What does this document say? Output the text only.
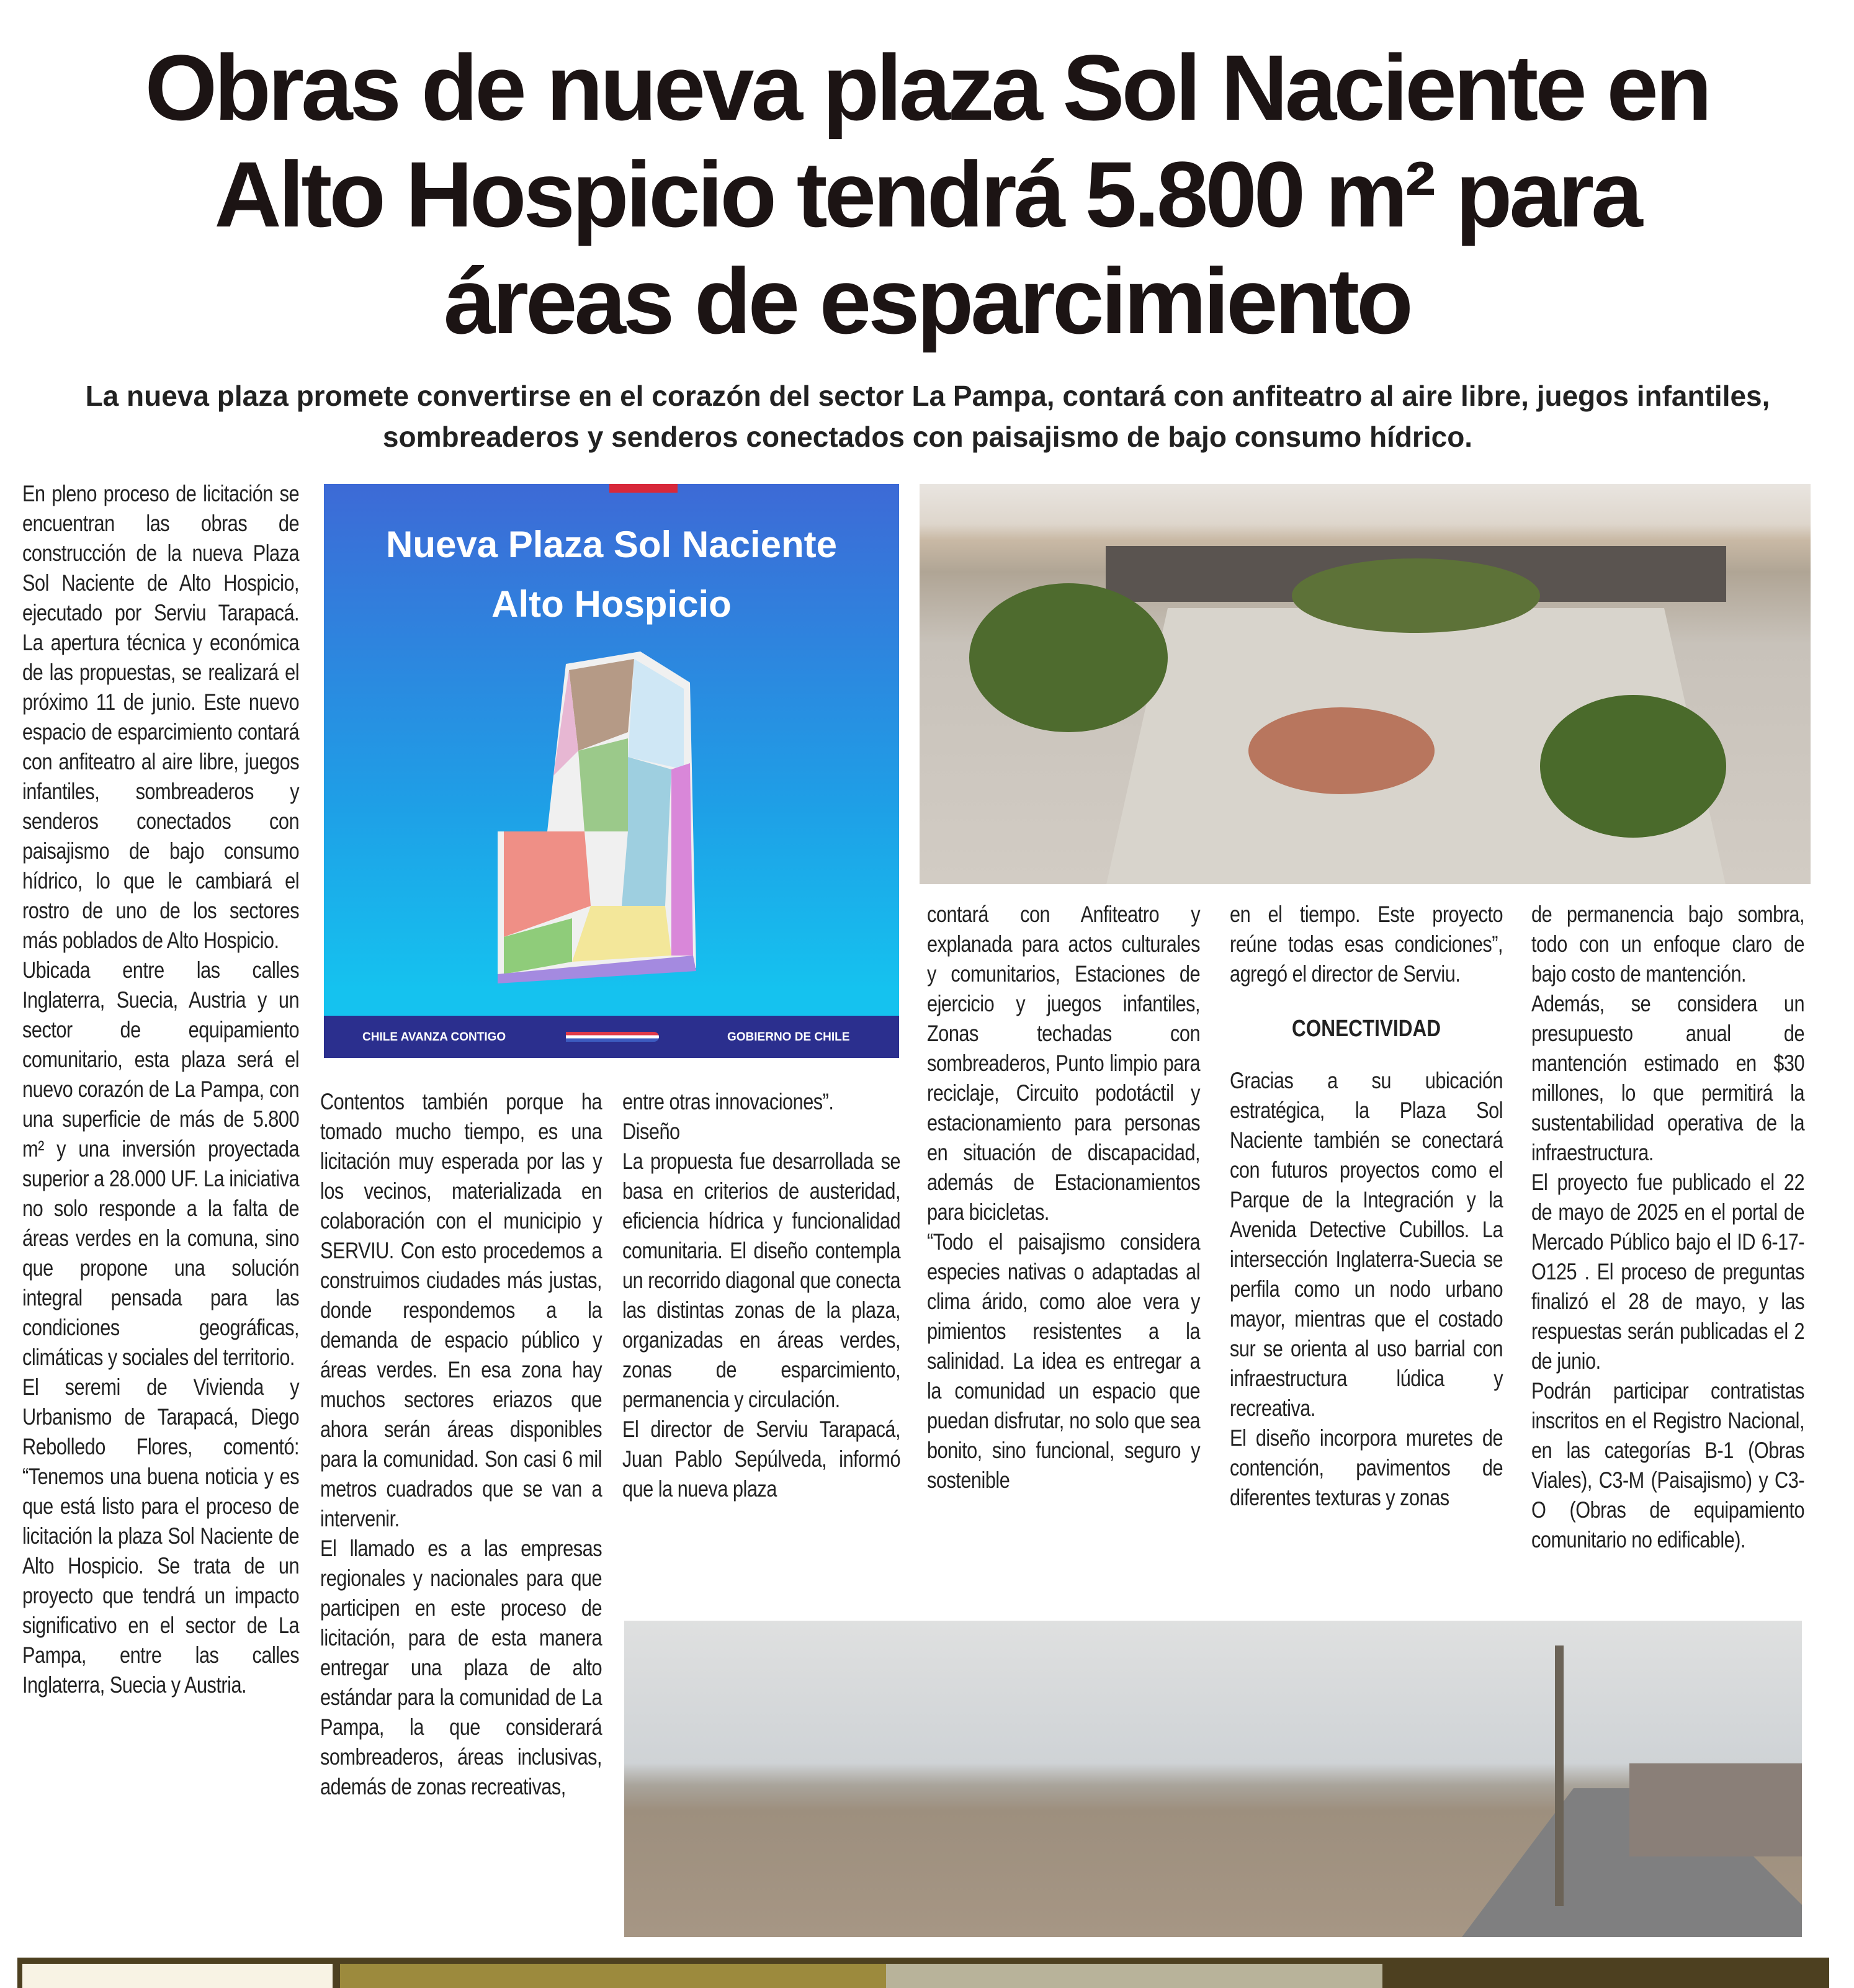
Obras de nueva plaza Sol Naciente en
Alto Hospicio tendrá 5.800 m² para
áreas de esparcimiento
La nueva plaza promete convertirse en el corazón del sector La Pampa, contará con anfiteatro al aire libre, juegos infantiles, sombreaderos y senderos conectados con paisajismo de bajo consumo hídrico.

En pleno proceso de licitación se encuentran las obras de construcción de la nueva Plaza Sol Naciente de Alto Hospicio, ejecutado por Serviu Tarapacá. La apertura técnica y económica de las propuestas, se realizará el próximo 11 de junio. Este nuevo espacio de esparcimiento contará con anfiteatro al aire libre, juegos infantiles, sombreaderos y senderos conectados con paisajismo de bajo consumo hídrico, lo que le cambiará el rostro de uno de los sectores más poblados de Alto Hospicio.

Ubicada entre las calles Inglaterra, Suecia, Austria y un sector de equipamiento comunitario, esta plaza será el nuevo corazón de La Pampa, con una superficie de más de 5.800 m² y una inversión proyectada superior a 28.000 UF. La iniciativa no solo responde a la falta de áreas verdes en la comuna, sino que propone una solución integral pensada para las condiciones geográficas, climáticas y sociales del territorio.

El seremi de Vivienda y Urbanismo de Tarapacá, Diego Rebolledo Flores, comentó: “Tenemos una buena noticia y es que está listo para el proceso de licitación la plaza Sol Naciente de Alto Hospicio. Se trata de un proyecto que tendrá un impacto significativo en el sector de La Pampa, entre las calles Inglaterra, Suecia y Austria.

Nueva Plaza Sol Naciente
Alto Hospicio
CHILE AVANZA CONTIGO	GOBIERNO DE CHILE

Contentos también porque ha tomado mucho tiempo, es una licitación muy esperada por las y los vecinos, materializada en colaboración con el municipio y SERVIU. Con esto procedemos a construimos ciudades más justas, donde respondemos a la demanda de espacio público y áreas verdes. En esa zona hay muchos sectores eriazos que ahora serán áreas disponibles para la comunidad. Son casi 6 mil metros cuadrados que se van a intervenir.

El llamado es a las empresas regionales y nacionales para que participen en este proceso de licitación, para de esta manera entregar una plaza de alto estándar para la comunidad de La Pampa, la que considerará sombreaderos, áreas inclusivas, además de zonas recreativas,

entre otras innovaciones”.

Diseño

La propuesta fue desarrollada se basa en criterios de austeridad, eficiencia hídrica y funcionalidad comunitaria. El diseño contempla un recorrido diagonal que conecta las distintas zonas de la plaza, organizadas en áreas verdes, zonas de esparcimiento, permanencia y circulación.

El director de Serviu Tarapacá, Juan Pablo Sepúlveda, informó que la nueva plaza

contará con Anfiteatro y explanada para actos culturales y comunitarios, Estaciones de ejercicio y juegos infantiles, Zonas techadas con sombreaderos, Punto limpio para reciclaje, Circuito podotáctil y estacionamiento para personas en situación de discapacidad, además de Estacionamientos para bicicletas.

“Todo el paisajismo considera especies nativas o adaptadas al clima árido, como aloe vera y pimientos resistentes a la salinidad. La idea es entregar a la comunidad un espacio que puedan disfrutar, no solo que sea bonito, sino funcional, seguro y sostenible

en el tiempo. Este proyecto reúne todas esas condiciones”, agregó el director de Serviu.

CONECTIVIDAD

Gracias a su ubicación estratégica, la Plaza Sol Naciente también se conectará con futuros proyectos como el Parque de la Integración y la Avenida Detective Cubillos. La intersección Inglaterra-Suecia se perfila como un nodo urbano mayor, mientras que el costado sur se orienta al uso barrial con infraestructura lúdica y recreativa.

El diseño incorpora muretes de contención, pavimentos de diferentes texturas y zonas

de permanencia bajo sombra, todo con un enfoque claro de bajo costo de mantención.

Además, se considera un presupuesto anual de mantención estimado en $30 millones, lo que permitirá la sustentabilidad operativa de la infraestructura.

El proyecto fue publicado el 22 de mayo de 2025 en el portal de Mercado Público bajo el ID 6-17-O125 . El proceso de preguntas finalizó el 28 de mayo, y las respuestas serán publicadas el 2 de junio.

Podrán participar contratistas inscritos en el Registro Nacional, en las categorías B-1 (Obras Viales), C3-M (Paisajismo) y C3-O (Obras de equipamiento comunitario no edificable).
